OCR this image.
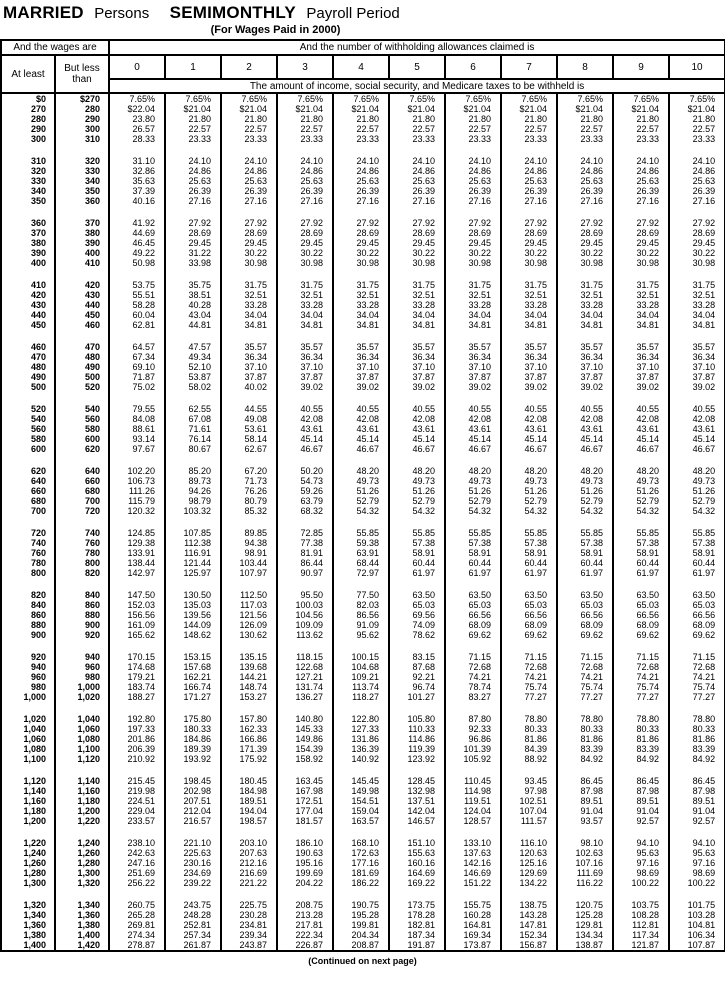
MARRIED Persons SEMIMONTHLY Payroll Period
(For Wages Paid in 2000)
And the wages are		And the number of withholding allowances claimed is										
At least	But less than	0	1	2	3	4	5	6	7	8	9	10
		The amount of income, social security, and Medicare taxes to be withheld is										
$0	$270	7.65%	7.65%	7.65%	7.65%	7.65%	7.65%	7.65%	7.65%	7.65%	7.65%	7.65%
270	280	$22.04	$21.04	$21.04	$21.04	$21.04	$21.04	$21.04	$21.04	$21.04	$21.04	$21.04
280	290	23.80	21.80	21.80	21.80	21.80	21.80	21.80	21.80	21.80	21.80	21.80
290	300	26.57	22.57	22.57	22.57	22.57	22.57	22.57	22.57	22.57	22.57	22.57
300	310	28.33	23.33	23.33	23.33	23.33	23.33	23.33	23.33	23.33	23.33	23.33

310	320	31.10	24.10	24.10	24.10	24.10	24.10	24.10	24.10	24.10	24.10	24.10
320	330	32.86	24.86	24.86	24.86	24.86	24.86	24.86	24.86	24.86	24.86	24.86
330	340	35.63	25.63	25.63	25.63	25.63	25.63	25.63	25.63	25.63	25.63	25.63
340	350	37.39	26.39	26.39	26.39	26.39	26.39	26.39	26.39	26.39	26.39	26.39
350	360	40.16	27.16	27.16	27.16	27.16	27.16	27.16	27.16	27.16	27.16	27.16

360	370	41.92	27.92	27.92	27.92	27.92	27.92	27.92	27.92	27.92	27.92	27.92
370	380	44.69	28.69	28.69	28.69	28.69	28.69	28.69	28.69	28.69	28.69	28.69
380	390	46.45	29.45	29.45	29.45	29.45	29.45	29.45	29.45	29.45	29.45	29.45
390	400	49.22	31.22	30.22	30.22	30.22	30.22	30.22	30.22	30.22	30.22	30.22
400	410	50.98	33.98	30.98	30.98	30.98	30.98	30.98	30.98	30.98	30.98	30.98

410	420	53.75	35.75	31.75	31.75	31.75	31.75	31.75	31.75	31.75	31.75	31.75
420	430	55.51	38.51	32.51	32.51	32.51	32.51	32.51	32.51	32.51	32.51	32.51
430	440	58.28	40.28	33.28	33.28	33.28	33.28	33.28	33.28	33.28	33.28	33.28
440	450	60.04	43.04	34.04	34.04	34.04	34.04	34.04	34.04	34.04	34.04	34.04
450	460	62.81	44.81	34.81	34.81	34.81	34.81	34.81	34.81	34.81	34.81	34.81

460	470	64.57	47.57	35.57	35.57	35.57	35.57	35.57	35.57	35.57	35.57	35.57
470	480	67.34	49.34	36.34	36.34	36.34	36.34	36.34	36.34	36.34	36.34	36.34
480	490	69.10	52.10	37.10	37.10	37.10	37.10	37.10	37.10	37.10	37.10	37.10
490	500	71.87	53.87	37.87	37.87	37.87	37.87	37.87	37.87	37.87	37.87	37.87
500	520	75.02	58.02	40.02	39.02	39.02	39.02	39.02	39.02	39.02	39.02	39.02

520	540	79.55	62.55	44.55	40.55	40.55	40.55	40.55	40.55	40.55	40.55	40.55
540	560	84.08	67.08	49.08	42.08	42.08	42.08	42.08	42.08	42.08	42.08	42.08
560	580	88.61	71.61	53.61	43.61	43.61	43.61	43.61	43.61	43.61	43.61	43.61
580	600	93.14	76.14	58.14	45.14	45.14	45.14	45.14	45.14	45.14	45.14	45.14
600	620	97.67	80.67	62.67	46.67	46.67	46.67	46.67	46.67	46.67	46.67	46.67

620	640	102.20	85.20	67.20	50.20	48.20	48.20	48.20	48.20	48.20	48.20	48.20
640	660	106.73	89.73	71.73	54.73	49.73	49.73	49.73	49.73	49.73	49.73	49.73
660	680	111.26	94.26	76.26	59.26	51.26	51.26	51.26	51.26	51.26	51.26	51.26
680	700	115.79	98.79	80.79	63.79	52.79	52.79	52.79	52.79	52.79	52.79	52.79
700	720	120.32	103.32	85.32	68.32	54.32	54.32	54.32	54.32	54.32	54.32	54.32

720	740	124.85	107.85	89.85	72.85	55.85	55.85	55.85	55.85	55.85	55.85	55.85
740	760	129.38	112.38	94.38	77.38	59.38	57.38	57.38	57.38	57.38	57.38	57.38
760	780	133.91	116.91	98.91	81.91	63.91	58.91	58.91	58.91	58.91	58.91	58.91
780	800	138.44	121.44	103.44	86.44	68.44	60.44	60.44	60.44	60.44	60.44	60.44
800	820	142.97	125.97	107.97	90.97	72.97	61.97	61.97	61.97	61.97	61.97	61.97

820	840	147.50	130.50	112.50	95.50	77.50	63.50	63.50	63.50	63.50	63.50	63.50
840	860	152.03	135.03	117.03	100.03	82.03	65.03	65.03	65.03	65.03	65.03	65.03
860	880	156.56	139.56	121.56	104.56	86.56	69.56	66.56	66.56	66.56	66.56	66.56
880	900	161.09	144.09	126.09	109.09	91.09	74.09	68.09	68.09	68.09	68.09	68.09
900	920	165.62	148.62	130.62	113.62	95.62	78.62	69.62	69.62	69.62	69.62	69.62

920	940	170.15	153.15	135.15	118.15	100.15	83.15	71.15	71.15	71.15	71.15	71.15
940	960	174.68	157.68	139.68	122.68	104.68	87.68	72.68	72.68	72.68	72.68	72.68
960	980	179.21	162.21	144.21	127.21	109.21	92.21	74.21	74.21	74.21	74.21	74.21
980	1,000	183.74	166.74	148.74	131.74	113.74	96.74	78.74	75.74	75.74	75.74	75.74
1,000	1,020	188.27	171.27	153.27	136.27	118.27	101.27	83.27	77.27	77.27	77.27	77.27

1,020	1,040	192.80	175.80	157.80	140.80	122.80	105.80	87.80	78.80	78.80	78.80	78.80
1,040	1,060	197.33	180.33	162.33	145.33	127.33	110.33	92.33	80.33	80.33	80.33	80.33
1,060	1,080	201.86	184.86	166.86	149.86	131.86	114.86	96.86	81.86	81.86	81.86	81.86
1,080	1,100	206.39	189.39	171.39	154.39	136.39	119.39	101.39	84.39	83.39	83.39	83.39
1,100	1,120	210.92	193.92	175.92	158.92	140.92	123.92	105.92	88.92	84.92	84.92	84.92

1,120	1,140	215.45	198.45	180.45	163.45	145.45	128.45	110.45	93.45	86.45	86.45	86.45
1,140	1,160	219.98	202.98	184.98	167.98	149.98	132.98	114.98	97.98	87.98	87.98	87.98
1,160	1,180	224.51	207.51	189.51	172.51	154.51	137.51	119.51	102.51	89.51	89.51	89.51
1,180	1,200	229.04	212.04	194.04	177.04	159.04	142.04	124.04	107.04	91.04	91.04	91.04
1,200	1,220	233.57	216.57	198.57	181.57	163.57	146.57	128.57	111.57	93.57	92.57	92.57

1,220	1,240	238.10	221.10	203.10	186.10	168.10	151.10	133.10	116.10	98.10	94.10	94.10
1,240	1,260	242.63	225.63	207.63	190.63	172.63	155.63	137.63	120.63	102.63	95.63	95.63
1,260	1,280	247.16	230.16	212.16	195.16	177.16	160.16	142.16	125.16	107.16	97.16	97.16
1,280	1,300	251.69	234.69	216.69	199.69	181.69	164.69	146.69	129.69	111.69	98.69	98.69
1,300	1,320	256.22	239.22	221.22	204.22	186.22	169.22	151.22	134.22	116.22	100.22	100.22

1,320	1,340	260.75	243.75	225.75	208.75	190.75	173.75	155.75	138.75	120.75	103.75	101.75
1,340	1,360	265.28	248.28	230.28	213.28	195.28	178.28	160.28	143.28	125.28	108.28	103.28
1,360	1,380	269.81	252.81	234.81	217.81	199.81	182.81	164.81	147.81	129.81	112.81	104.81
1,380	1,400	274.34	257.34	239.34	222.34	204.34	187.34	169.34	152.34	134.34	117.34	106.34
1,400	1,420	278.87	261.87	243.87	226.87	208.87	191.87	173.87	156.87	138.87	121.87	107.87
(Continued on next page)
